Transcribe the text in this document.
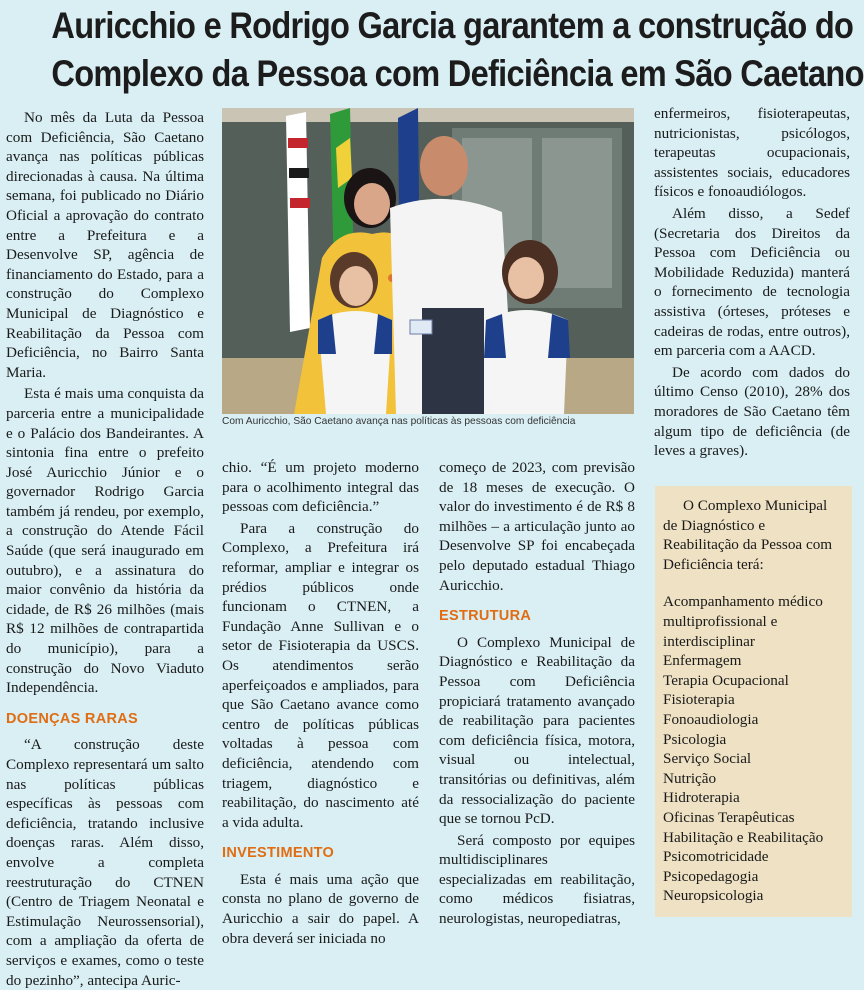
Auricchio e Rodrigo Garcia garantem a construção do
Complexo da Pessoa com Deficiência em São Caetano

No mês da Luta da Pessoa com Deficiência, São Caetano avança nas políticas públicas direcionadas à causa. Na última semana, foi publicado no Diário Oficial a aprovação do contrato entre a Prefeitura e a Desenvolve SP, agência de financiamento do Estado, para a construção do Complexo Municipal de Diagnóstico e Reabilitação da Pessoa com Deficiência, no Bairro Santa Maria.

Esta é mais uma conquista da parceria entre a municipalidade e o Palácio dos Bandeirantes. A sintonia fina entre o prefeito José Auricchio Júnior e o governador Rodrigo Garcia também já rendeu, por exemplo, a construção do Atende Fácil Saúde (que será inaugurado em outubro), e a assinatura do maior convênio da história da cidade, de R$ 26 milhões (mais R$ 12 milhões de contrapartida do município), para a construção do Novo Viaduto Independência.

DOENÇAS RARAS

“A construção deste Complexo representará um salto nas políticas públicas específicas às pessoas com deficiência, tratando inclusive doenças raras. Além disso, envolve a completa reestruturação do CTNEN (Centro de Triagem Neonatal e Estimulação Neurossensorial), com a ampliação da oferta de serviços e exames, como o teste do pezinho”, antecipa Auric-

Com Auricchio, São Caetano avança nas políticas às pessoas com deficiência

chio. “É um projeto moderno para o acolhimento integral das pessoas com deficiência.”

Para a construção do Complexo, a Prefeitura irá reformar, ampliar e integrar os prédios públicos onde funcionam o CTNEN, a Fundação Anne Sullivan e o setor de Fisioterapia da USCS. Os atendimentos serão aperfeiçoados e ampliados, para que São Caetano avance como centro de políticas públicas voltadas à pessoa com deficiência, atendendo com triagem, diagnóstico e reabilitação, do nascimento até a vida adulta.

INVESTIMENTO

Esta é mais uma ação que consta no plano de governo de Auricchio a sair do papel. A obra deverá ser iniciada no

começo de 2023, com previsão de 18 meses de execução. O valor do investimento é de R$ 8 milhões – a articulação junto ao Desenvolve SP foi encabeçada pelo deputado estadual Thiago Auricchio.

ESTRUTURA

O Complexo Municipal de Diagnóstico e Reabilitação da Pessoa com Deficiência propiciará tratamento avançado de reabilitação para pacientes com deficiência física, motora, visual ou intelectual, transitórias ou definitivas, além da ressocialização do paciente que se tornou PcD.

Será composto por equipes multidisciplinares especializadas em reabilitação, como médicos fisiatras, neurologistas, neuropediatras,

enfermeiros, fisioterapeutas, nutricionistas, psicólogos, terapeutas ocupacionais, assistentes sociais, educadores físicos e fonoaudiólogos.

Além disso, a Sedef (Secretaria dos Direitos da Pessoa com Deficiência ou Mobilidade Reduzida) manterá o fornecimento de tecnologia assistiva (órteses, próteses e cadeiras de rodas, entre outros), em parceria com a AACD.

De acordo com dados do último Censo (2010), 28% dos moradores de São Caetano têm algum tipo de deficiência (de leves a graves).

O Complexo Municipal de Diagnóstico e Reabilitação da Pessoa com Deficiência terá:

Acompanhamento médico multiprofissional e interdisciplinar
Enfermagem
Terapia Ocupacional
Fisioterapia
Fonoaudiologia
Psicologia
Serviço Social
Nutrição
Hidroterapia
Oficinas Terapêuticas
Habilitação e Reabilitação
Psicomotricidade
Psicopedagogia
Neuropsicologia
